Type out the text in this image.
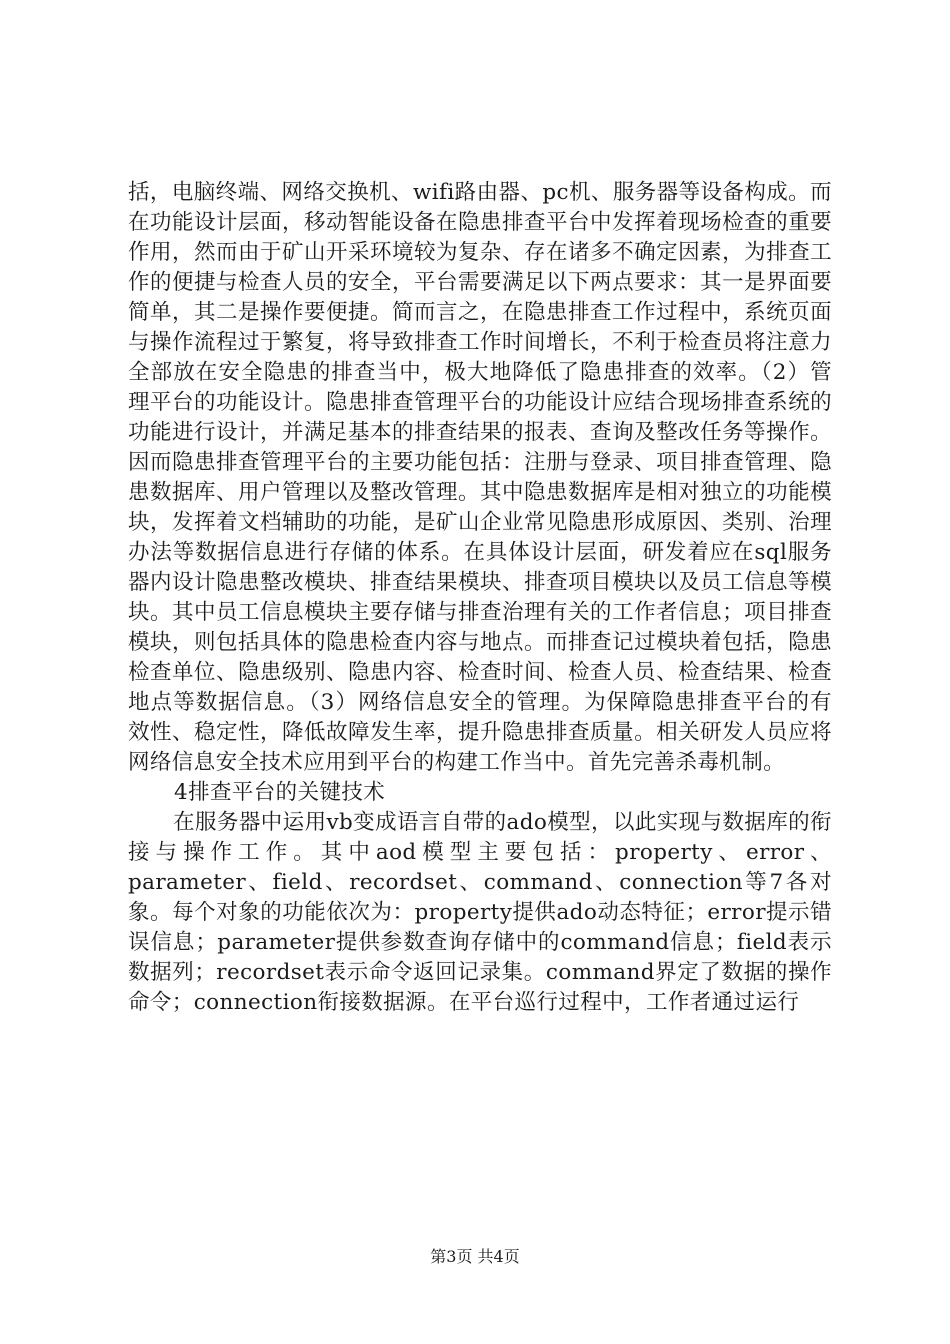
括，电脑终端、网络交换机、wifi路由器、pc机、服务器等设备构成。而在功能设计层面，移动智能设备在隐患排查平台中发挥着现场检查的重要作用，然而由于矿山开采环境较为复杂、存在诸多不确定因素，为排查工作的便捷与检查人员的安全，平台需要满足以下两点要求：其一是界面要简单，其二是操作要便捷。简而言之，在隐患排查工作过程中，系统页面与操作流程过于繁复，将导致排查工作时间增长，不利于检查员将注意力全部放在安全隐患的排查当中，极大地降低了隐患排查的效率。（2）管理平台的功能设计。隐患排查管理平台的功能设计应结合现场排查系统的功能进行设计，并满足基本的排查结果的报表、查询及整改任务等操作。因而隐患排查管理平台的主要功能包括：注册与登录、项目排查管理、隐患数据库、用户管理以及整改管理。其中隐患数据库是相对独立的功能模块，发挥着文档辅助的功能，是矿山企业常见隐患形成原因、类别、治理办法等数据信息进行存储的体系。在具体设计层面，研发着应在sql服务器内设计隐患整改模块、排查结果模块、排查项目模块以及员工信息等模块。其中员工信息模块主要存储与排查治理有关的工作者信息；项目排查模块，则包括具体的隐患检查内容与地点。而排查记过模块着包括，隐患检查单位、隐患级别、隐患内容、检查时间、检查人员、检查结果、检查地点等数据信息。（3）网络信息安全的管理。为保障隐患排查平台的有效性、稳定性，降低故障发生率，提升隐患排查质量。相关研发人员应将网络信息安全技术应用到平台的构建工作当中。首先完善杀毒机制。

4排查平台的关键技术

在服务器中运用vb变成语言自带的ado模型，以此实现与数据库的衔接与操作工作。其中aod模型主要包括：property、error、parameter、field、recordset、command、connection等7各对象。每个对象的功能依次为：property提供ado动态特征；error提示错误信息；parameter提供参数查询存储中的command信息；field表示数据列；recordset表示命令返回记录集。command界定了数据的操作命令；connection衔接数据源。在平台巡行过程中，工作者通过运行

第3页 共4页
